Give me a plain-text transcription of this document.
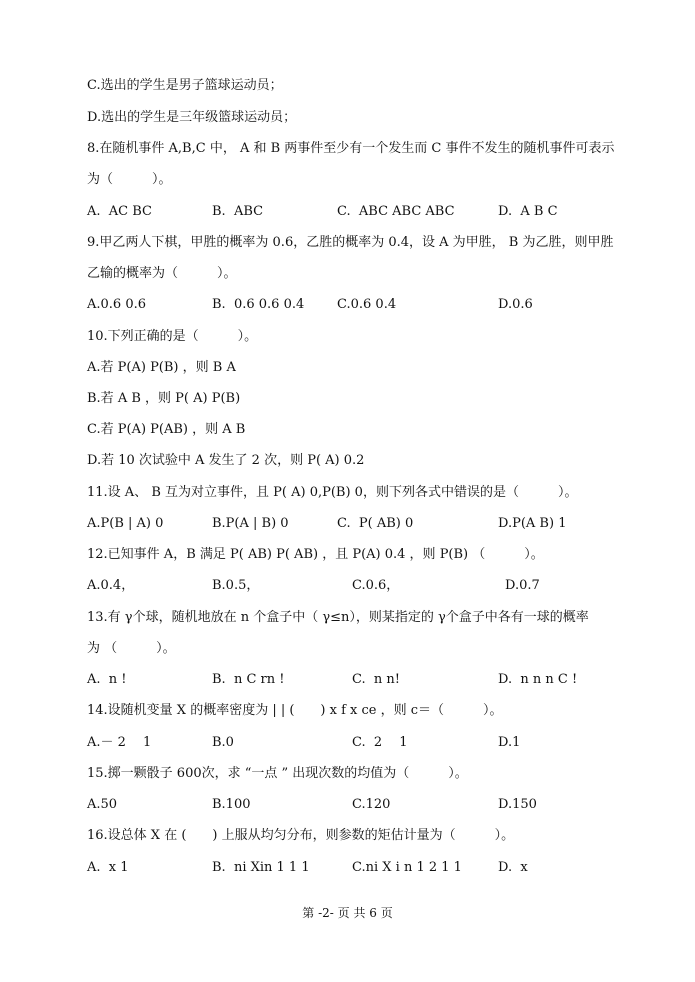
C.选出的学生是男子篮球运动员；
D.选出的学生是三年级篮球运动员；
8.在随机事件 A,B,C 中， A 和 B 两事件至少有一个发生而 C 事件不发生的随机事件可表示
为（　　　）。

A.  AC BC

	B.  ABC

	C.  ABC ABC ABC

	D.  A B C

9.甲乙两人下棋，甲胜的概率为 0.6，乙胜的概率为 0.4，设 A 为甲胜， B 为乙胜，则甲胜
乙输的概率为（　　　）。

A.0.6 0.6

	B.  0.6 0.6 0.4

	C.0.6 0.4

	D.0.6

10.下列正确的是（　　　）。
A.若 P(A) P(B) ，则 B A
B.若 A B ，则 P( A) P(B)
C.若 P(A) P(AB) ，则 A B
D.若 10 次试验中 A 发生了 2 次，则 P( A) 0.2
11.设 A、 B 互为对立事件，且 P( A) 0,P(B) 0，则下列各式中错误的是（　　　）。

A.P(B | A) 0

	B.P(A | B) 0

	C.  P( AB) 0

	D.P(A B) 1

12.已知事件 A，B 满足 P( AB) P( AB) ，且 P(A) 0.4 ，则 P(B) （　　　）。

A.0.4，

	B.0.5，

	C.0.6，

	D.0.7

13.有 γ个球，随机地放在 n 个盒子中（ γ≤n），则某指定的 γ个盒子中各有一球的概率
为 （　　　）。

A.  n !

	B.  n C rn !

	C.  n n!

	D.  n n n C !

14.设随机变量 X 的概率密度为 | | (　　) x f x ce ，则 c＝（　　　）。

A.－ 2　 1

	B.0

	C.  2　 1

	D.1

15.掷一颗骰子 600次，求 “一点 ” 出现次数的均值为（　　　）。

A.50

	B.100

	C.120

	D.150

16.设总体 X 在 (　　) 上服从均匀分布，则参数的矩估计量为（　　　）。

A.  x 1

	B.  ni Xin 1 1 1

	C.ni X i n 1 2 1 1

	D.  x

第 -2- 页 共 6 页
